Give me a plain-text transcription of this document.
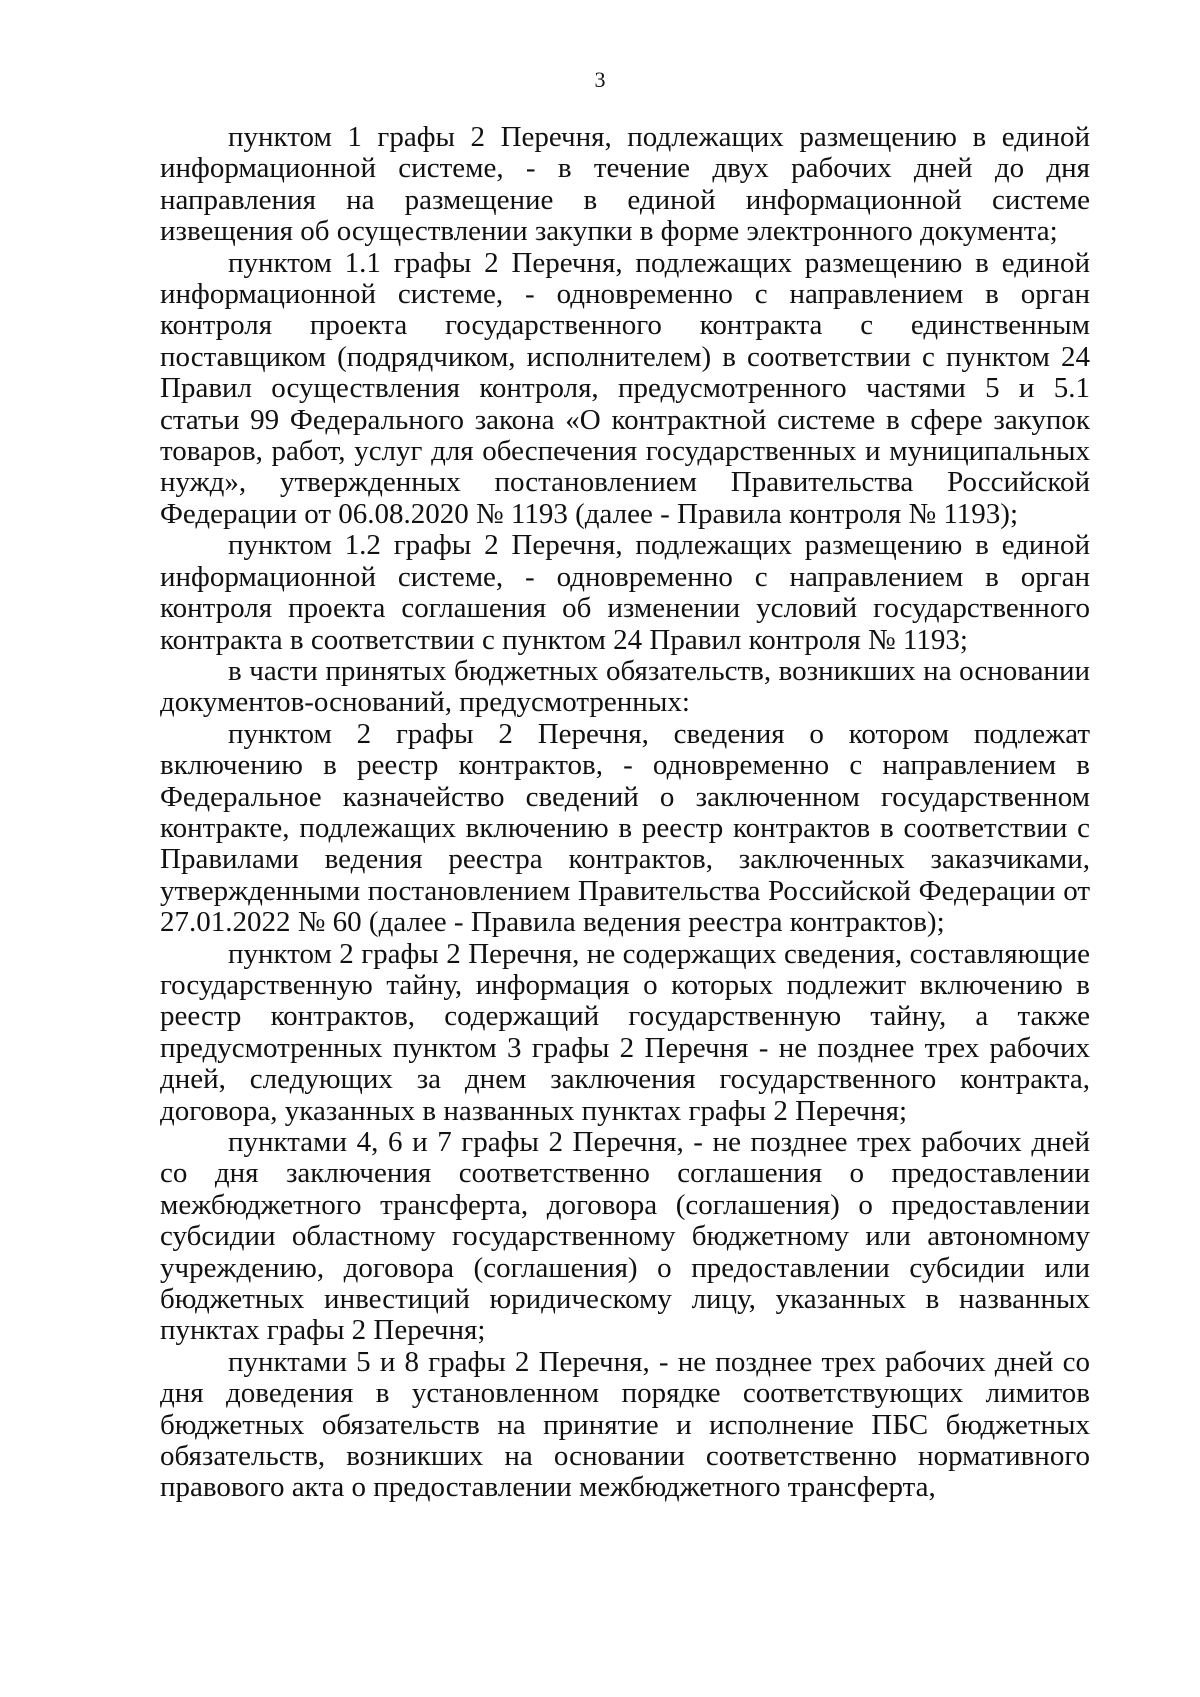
3

пунктом 1 графы 2 Перечня, подлежащих размещению в единой информационной системе, - в течение двух рабочих дней до дня направления на размещение в единой информационной системе извещения об осуществлении закупки в форме электронного документа;

пунктом 1.1 графы 2 Перечня, подлежащих размещению в единой информационной системе, - одновременно с направлением в орган контроля проекта государственного контракта с единственным поставщиком (подрядчиком, исполнителем) в соответствии с пунктом 24 Правил осуществления контроля, предусмотренного частями 5 и 5.1 статьи 99 Федерального закона «О контрактной системе в сфере закупок товаров, работ, услуг для обеспечения государственных и муниципальных нужд», утвержденных постановлением Правительства Российской Федерации от 06.08.2020 № 1193 (далее - Правила контроля № 1193);

пунктом 1.2 графы 2 Перечня, подлежащих размещению в единой информационной системе, - одновременно с направлением в орган контроля проекта соглашения об изменении условий государственного контракта в соответствии с пунктом 24 Правил контроля № 1193;

в части принятых бюджетных обязательств, возникших на основании документов-оснований, предусмотренных:

пунктом 2 графы 2 Перечня, сведения о котором подлежат включению в реестр контрактов, - одновременно с направлением в Федеральное казначейство сведений о заключенном государственном контракте, подлежащих включению в реестр контрактов в соответствии с Правилами ведения реестра контрактов, заключенных заказчиками, утвержденными постановлением Правительства Российской Федерации от 27.01.2022 № 60 (далее - Правила ведения реестра контрактов);

пунктом 2 графы 2 Перечня, не содержащих сведения, составляющие государственную тайну, информация о которых подлежит включению в реестр контрактов, содержащий государственную тайну, а также предусмотренных пунктом 3 графы 2 Перечня - не позднее трех рабочих дней, следующих за днем заключения государственного контракта, договора, указанных в названных пунктах графы 2 Перечня;

пунктами 4, 6 и 7 графы 2 Перечня, - не позднее трех рабочих дней со дня заключения соответственно соглашения о предоставлении межбюджетного трансферта, договора (соглашения) о предоставлении субсидии областному государственному бюджетному или автономному учреждению, договора (соглашения) о предоставлении субсидии или бюджетных инвестиций юридическому лицу, указанных в названных пунктах графы 2 Перечня;

пунктами 5 и 8 графы 2 Перечня, - не позднее трех рабочих дней со дня доведения в установленном порядке соответствующих лимитов бюджетных обязательств на принятие и исполнение ПБС бюджетных обязательств, возникших на основании соответственно нормативного правового акта о предоставлении межбюджетного трансферта,
